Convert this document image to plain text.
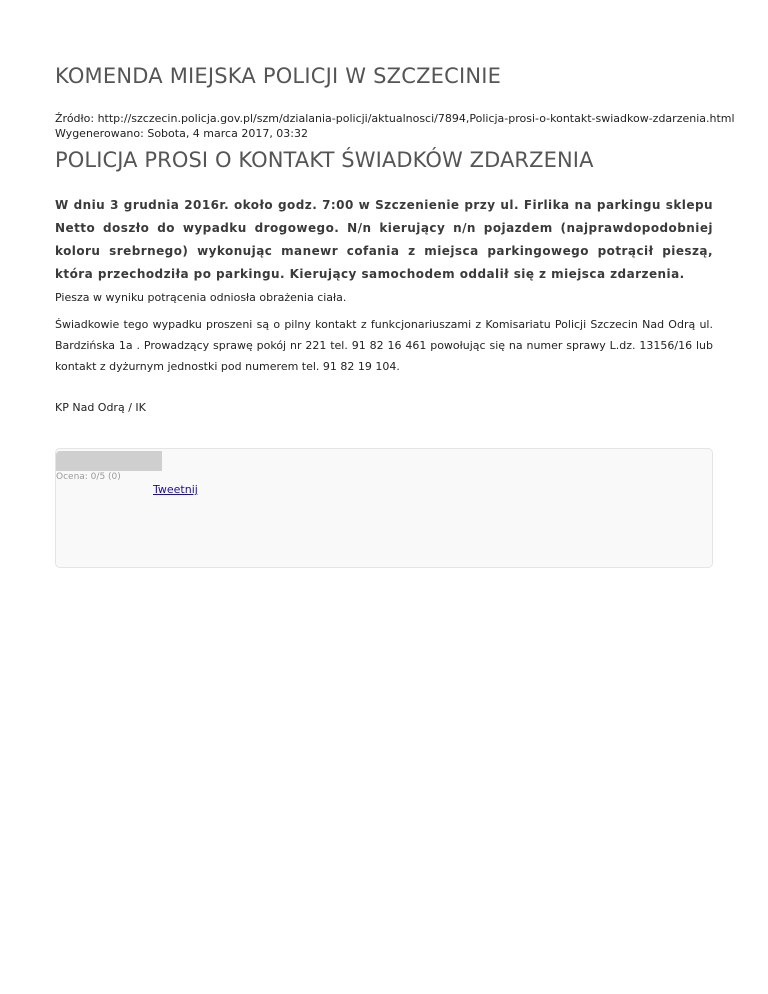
KOMENDA MIEJSKA POLICJI W SZCZECINIE
Źródło: http://szczecin.policja.gov.pl/szm/dzialania-policji/aktualnosci/7894,Policja-prosi-o-kontakt-swiadkow-zdarzenia.html
Wygenerowano: Sobota, 4 marca 2017, 03:32
POLICJA PROSI O KONTAKT ŚWIADKÓW ZDARZENIA

W dniu 3 grudnia 2016r. około godz. 7:00 w Szczenienie przy ul. Firlika na parkingu sklepu Netto doszło do wypadku drogowego. N/n kierujący n/n pojazdem (najprawdopodobniej koloru srebrnego) wykonując manewr cofania z miejsca parkingowego potrącił pieszą, która przechodziła po parkingu. Kierujący samochodem oddalił się z miejsca zdarzenia.

Piesza w wyniku potrącenia odniosła obrażenia ciała.

Świadkowie tego wypadku proszeni są o pilny kontakt z funkcjonariuszami z Komisariatu Policji Szczecin Nad Odrą ul. Bardzińska 1a . Prowadzący sprawę pokój nr 221 tel. 91 82 16 461 powołując się na numer sprawy L.dz. 13156/16 lub kontakt z dyżurnym jednostki pod numerem tel. 91 82 19 104.

KP Nad Odrą / IK

Ocena: 0/5 (0)
Tweetnij
